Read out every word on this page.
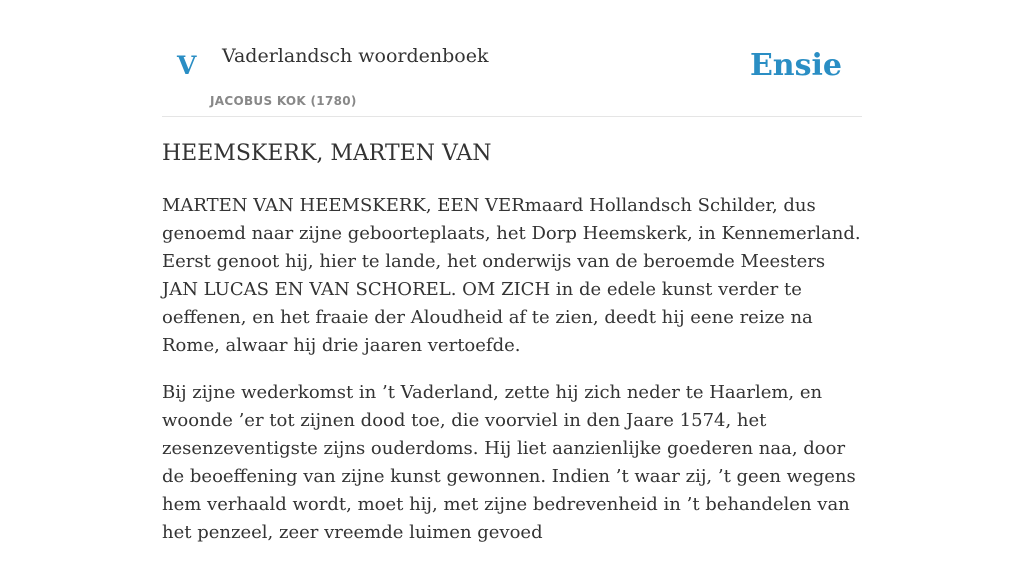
V Vaderlandsch woordenboek
JACOBUS KOK (1780)
Ensie
HEEMSKERK, MARTEN VAN

MARTEN VAN HEEMSKERK, EEN VERmaard Hollandsch Schilder, dus genoemd naar zijne geboorteplaats, het Dorp Heemskerk, in Kennemerland. Eerst genoot hij, hier te lande, het onderwijs van de beroemde Meesters JAN LUCAS EN VAN SCHOREL. OM ZICH in de edele kunst verder te oeffenen, en het fraaie der Aloudheid af te zien, deedt hij eene reize na Rome, alwaar hij drie jaaren vertoefde.

Bij zijne wederkomst in ’t Vaderland, zette hij zich neder te Haarlem, en woonde ’er tot zijnen dood toe, die voorviel in den Jaare 1574, het zesenzeventigste zijns ouderdoms. Hij liet aanzienlijke goederen naa, door de beoeffening van zijne kunst gewonnen. Indien ’t waar zij, ’t geen wegens hem verhaald wordt, moet hij, met zijne bedrevenheid in ’t behandelen van het penzeel, zeer vreemde luimen gevoed
